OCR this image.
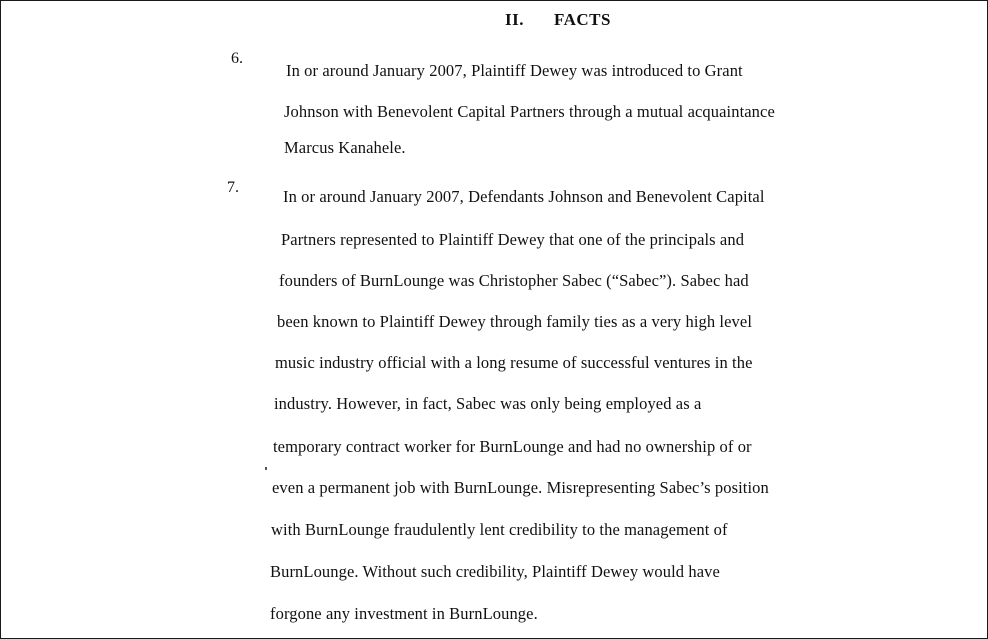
II. FACTS
6.
In or around January 2007, Plaintiff Dewey was introduced to Grant
Johnson with Benevolent Capital Partners through a mutual acquaintance
Marcus Kanahele.
7.	In or around January 2007, Defendants Johnson and Benevolent Capital
Partners represented to Plaintiff Dewey that one of the principals and
founders of BurnLounge was Christopher Sabec (“Sabec”). Sabec had
been known to Plaintiff Dewey through family ties as a very high level
music industry official with a long resume of successful ventures in the
industry. However, in fact, Sabec was only being employed as a
temporary contract worker for BurnLounge and had no ownership of or
even a permanent job with BurnLounge. Misrepresenting Sabec’s position
with BurnLounge fraudulently lent credibility to the management of
BurnLounge. Without such credibility, Plaintiff Dewey would have
forgone any investment in BurnLounge.
